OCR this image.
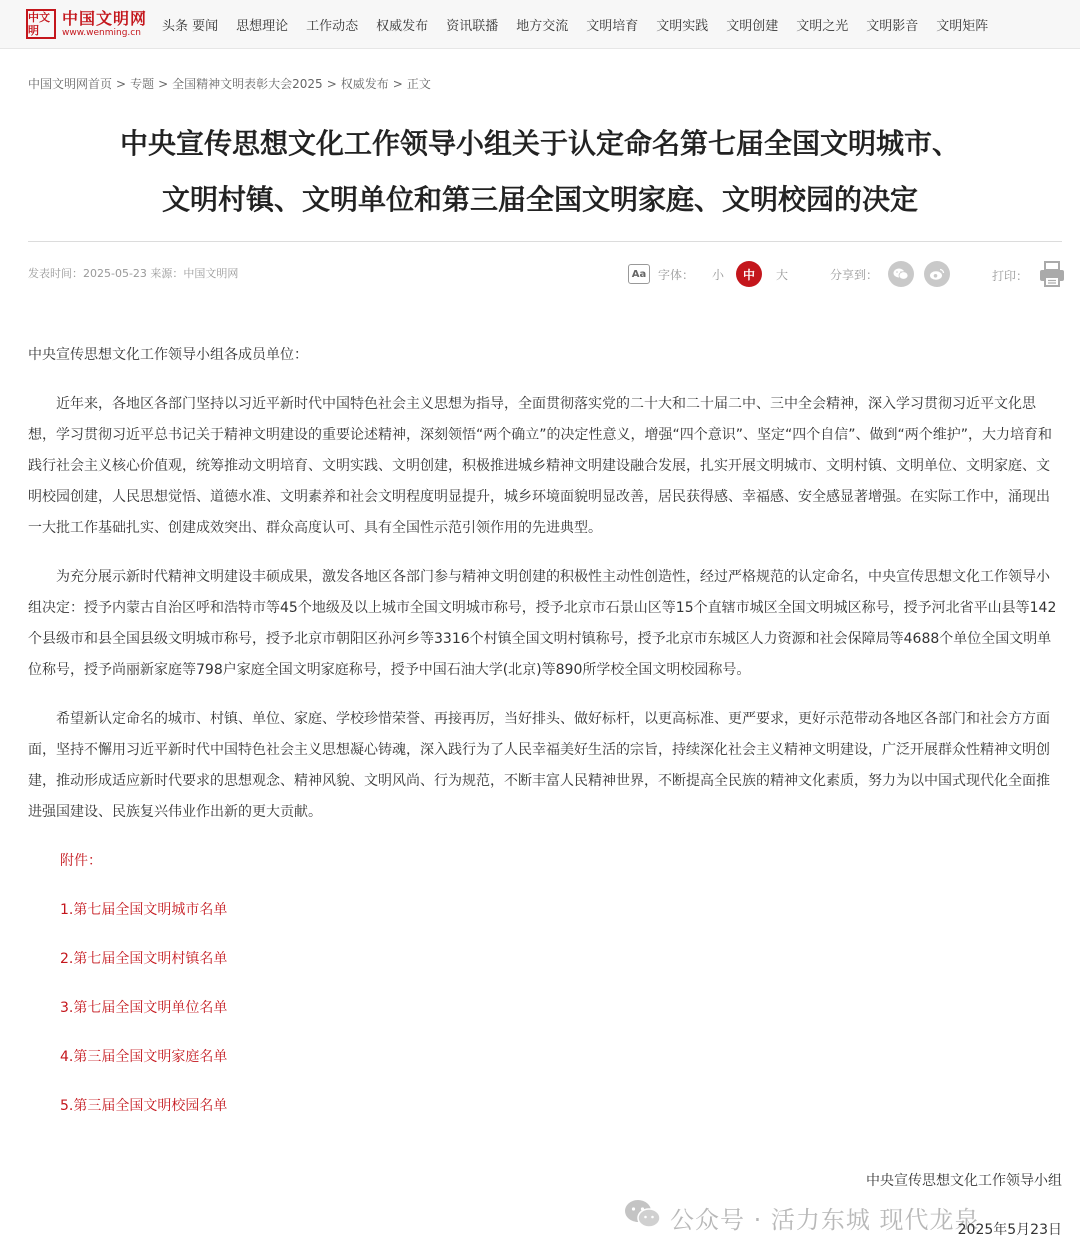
中文明
中国文明网
www.wenming.cn	头条 要闻 思想理论 工作动态 权威发布 资讯联播 地方交流 文明培育 文明实践 文明创建 文明之光 文明影音 文明矩阵
中国文明网首页 > 专题 > 全国精神文明表彰大会2025 > 权威发布 > 正文
中央宣传思想文化工作领导小组关于认定命名第七届全国文明城市、
文明村镇、文明单位和第三届全国文明家庭、文明校园的决定
发表时间：2025-05-23 来源：中国文明网	Aa 字体： 小	中	大	分享到：	打印：

中央宣传思想文化工作领导小组各成员单位：

近年来，各地区各部门坚持以习近平新时代中国特色社会主义思想为指导，全面贯彻落实党的二十大和二十届二中、三中全会精神，深入学习贯彻习近平文化思想，学习贯彻习近平总书记关于精神文明建设的重要论述精神，深刻领悟“两个确立”的决定性意义，增强“四个意识”、坚定“四个自信”、做到“两个维护”，大力培育和践行社会主义核心价值观，统筹推动文明培育、文明实践、文明创建，积极推进城乡精神文明建设融合发展，扎实开展文明城市、文明村镇、文明单位、文明家庭、文明校园创建，人民思想觉悟、道德水准、文明素养和社会文明程度明显提升，城乡环境面貌明显改善，居民获得感、幸福感、安全感显著增强。在实际工作中，涌现出一大批工作基础扎实、创建成效突出、群众高度认可、具有全国性示范引领作用的先进典型。

为充分展示新时代精神文明建设丰硕成果，激发各地区各部门参与精神文明创建的积极性主动性创造性，经过严格规范的认定命名，中央宣传思想文化工作领导小组决定：授予内蒙古自治区呼和浩特市等45个地级及以上城市全国文明城市称号，授予北京市石景山区等15个直辖市城区全国文明城区称号，授予河北省平山县等142个县级市和县全国县级文明城市称号，授予北京市朝阳区孙河乡等3316个村镇全国文明村镇称号，授予北京市东城区人力资源和社会保障局等4688个单位全国文明单位称号，授予尚丽新家庭等798户家庭全国文明家庭称号，授予中国石油大学(北京)等890所学校全国文明校园称号。

希望新认定命名的城市、村镇、单位、家庭、学校珍惜荣誉、再接再厉，当好排头、做好标杆，以更高标准、更严要求，更好示范带动各地区各部门和社会方方面面，坚持不懈用习近平新时代中国特色社会主义思想凝心铸魂，深入践行为了人民幸福美好生活的宗旨，持续深化社会主义精神文明建设，广泛开展群众性精神文明创建，推动形成适应新时代要求的思想观念、精神风貌、文明风尚、行为规范，不断丰富人民精神世界，不断提高全民族的精神文化素质，努力为以中国式现代化全面推进强国建设、民族复兴伟业作出新的更大贡献。

附件：

1.第七届全国文明城市名单

2.第七届全国文明村镇名单

3.第七届全国文明单位名单

4.第三届全国文明家庭名单

5.第三届全国文明校园名单

中央宣传思想文化工作领导小组
公众号 · 活力东城 现代龙泉
2025年5月23日
